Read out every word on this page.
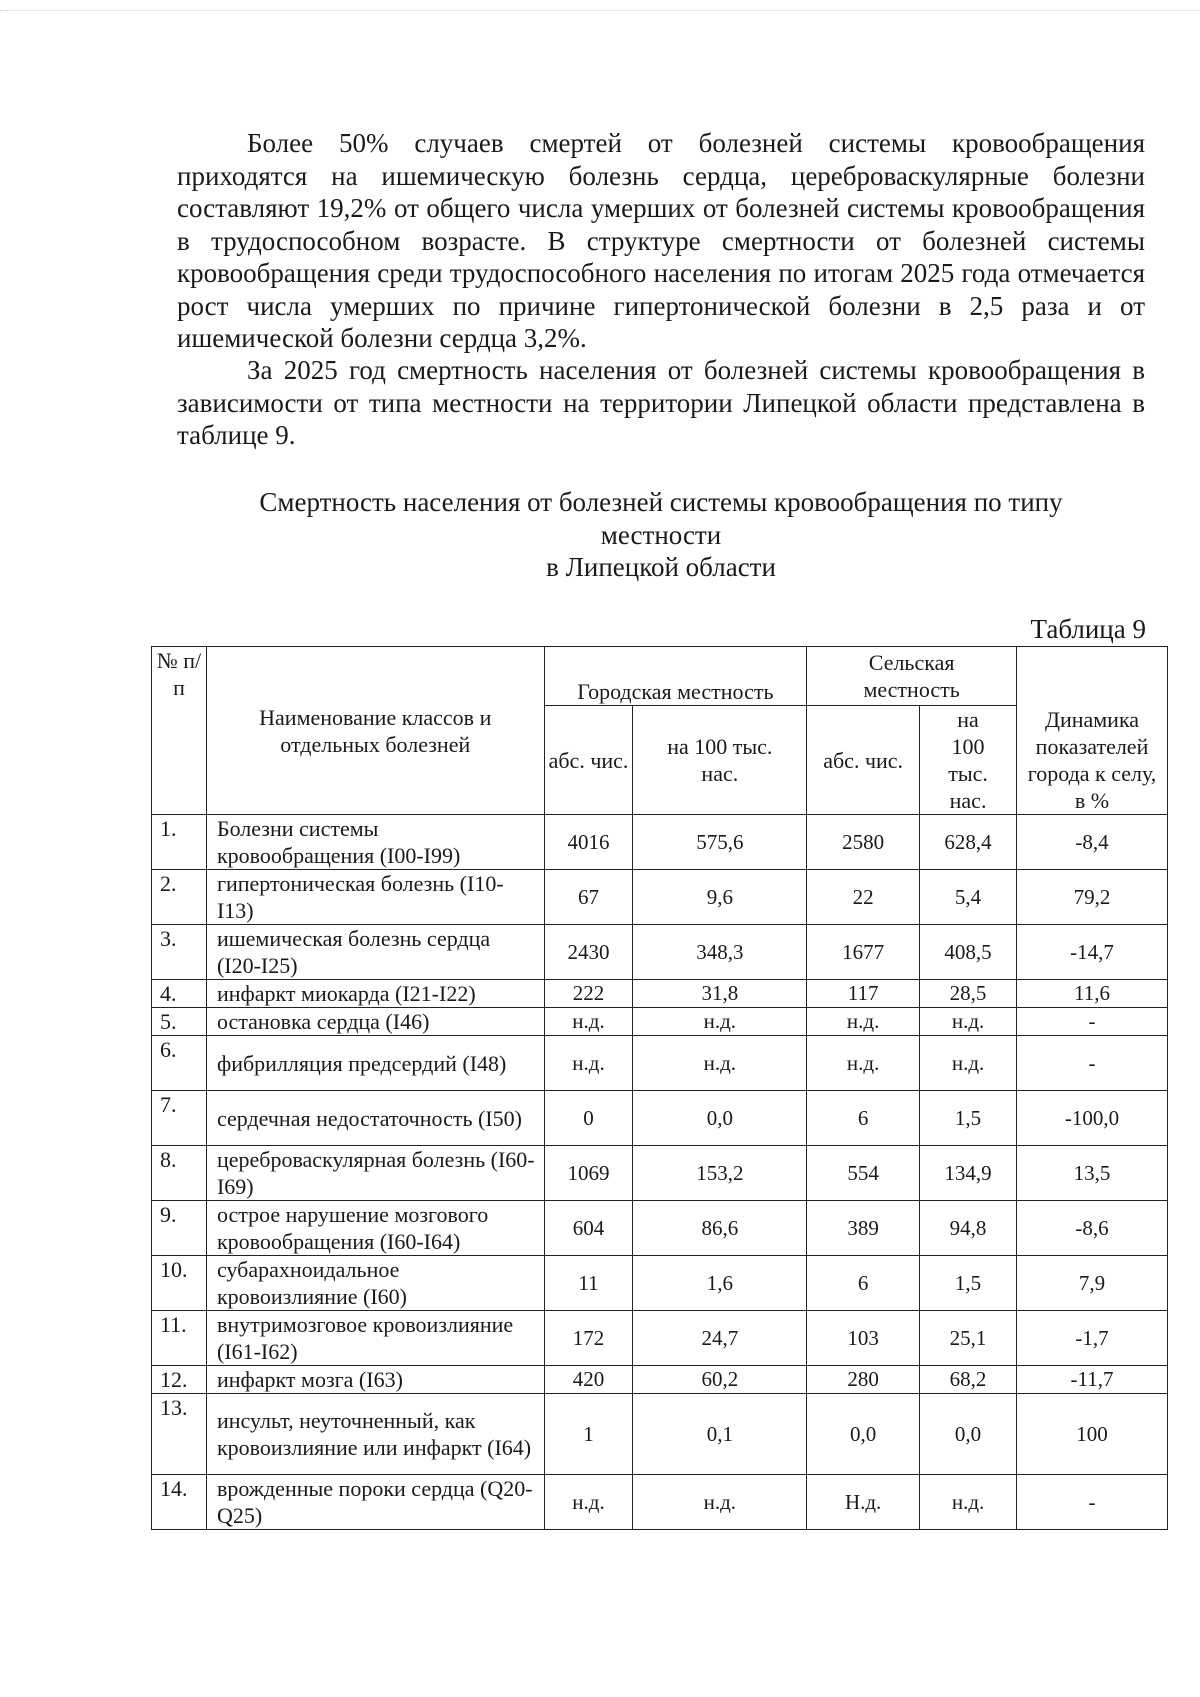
Более 50% случаев смертей от болезней системы кровообращения приходятся на ишемическую болезнь сердца, цереброваскулярные болезни составляют 19,2% от общего числа умерших от болезней системы кровообращения в трудоспособном возрасте. В структуре смертности от болезней системы кровообращения среди трудоспособного населения по итогам 2025 года отмечается рост числа умерших по причине гипертонической болезни в 2,5 раза и от ишемической болезни сердца 3,2%.

За 2025 год смертность населения от болезней системы кровообращения в зависимости от типа местности на территории Липецкой области представлена в таблице 9.

Смертность населения от болезней системы кровообращения по типу
местности
в Липецкой области
Таблица 9
№ п/п	Наименование классов и отдельных болезней	Городская местность		Сельская местность		Динамика показателей города к селу, в %
		абс. чис.	на 100 тыс. нас.	абс. чис.	на 100 тыс. нас.	
1.	Болезни системы кровообращения (I00-I99)	4016	575,6	2580	628,4	-8,4
2.	гипертоническая болезнь (I10-I13)	67	9,6	22	5,4	79,2
3.	ишемическая болезнь сердца (I20-I25)	2430	348,3	1677	408,5	-14,7
4.	инфаркт миокарда (I21-I22)	222	31,8	117	28,5	11,6
5.	остановка сердца (I46)	н.д.	н.д.	н.д.	н.д.	-
6.	фибрилляция предсердий (I48)	н.д.	н.д.	н.д.	н.д.	-
7.	сердечная недостаточность (I50)	0	0,0	6	1,5	-100,0
8.	цереброваскулярная болезнь (I60-I69)	1069	153,2	554	134,9	13,5
9.	острое нарушение мозгового кровообращения (I60-I64)	604	86,6	389	94,8	-8,6
10.	субарахноидальное кровоизлияние (I60)	11	1,6	6	1,5	7,9
11.	внутримозговое кровоизлияние (I61-I62)	172	24,7	103	25,1	-1,7
12.	инфаркт мозга (I63)	420	60,2	280	68,2	-11,7
13.	инсульт, неуточненный, как кровоизлияние или инфаркт (I64)	1	0,1	0,0	0,0	100
14.	врожденные пороки сердца (Q20-Q25)	н.д.	н.д.	Н.д.	н.д.	-
